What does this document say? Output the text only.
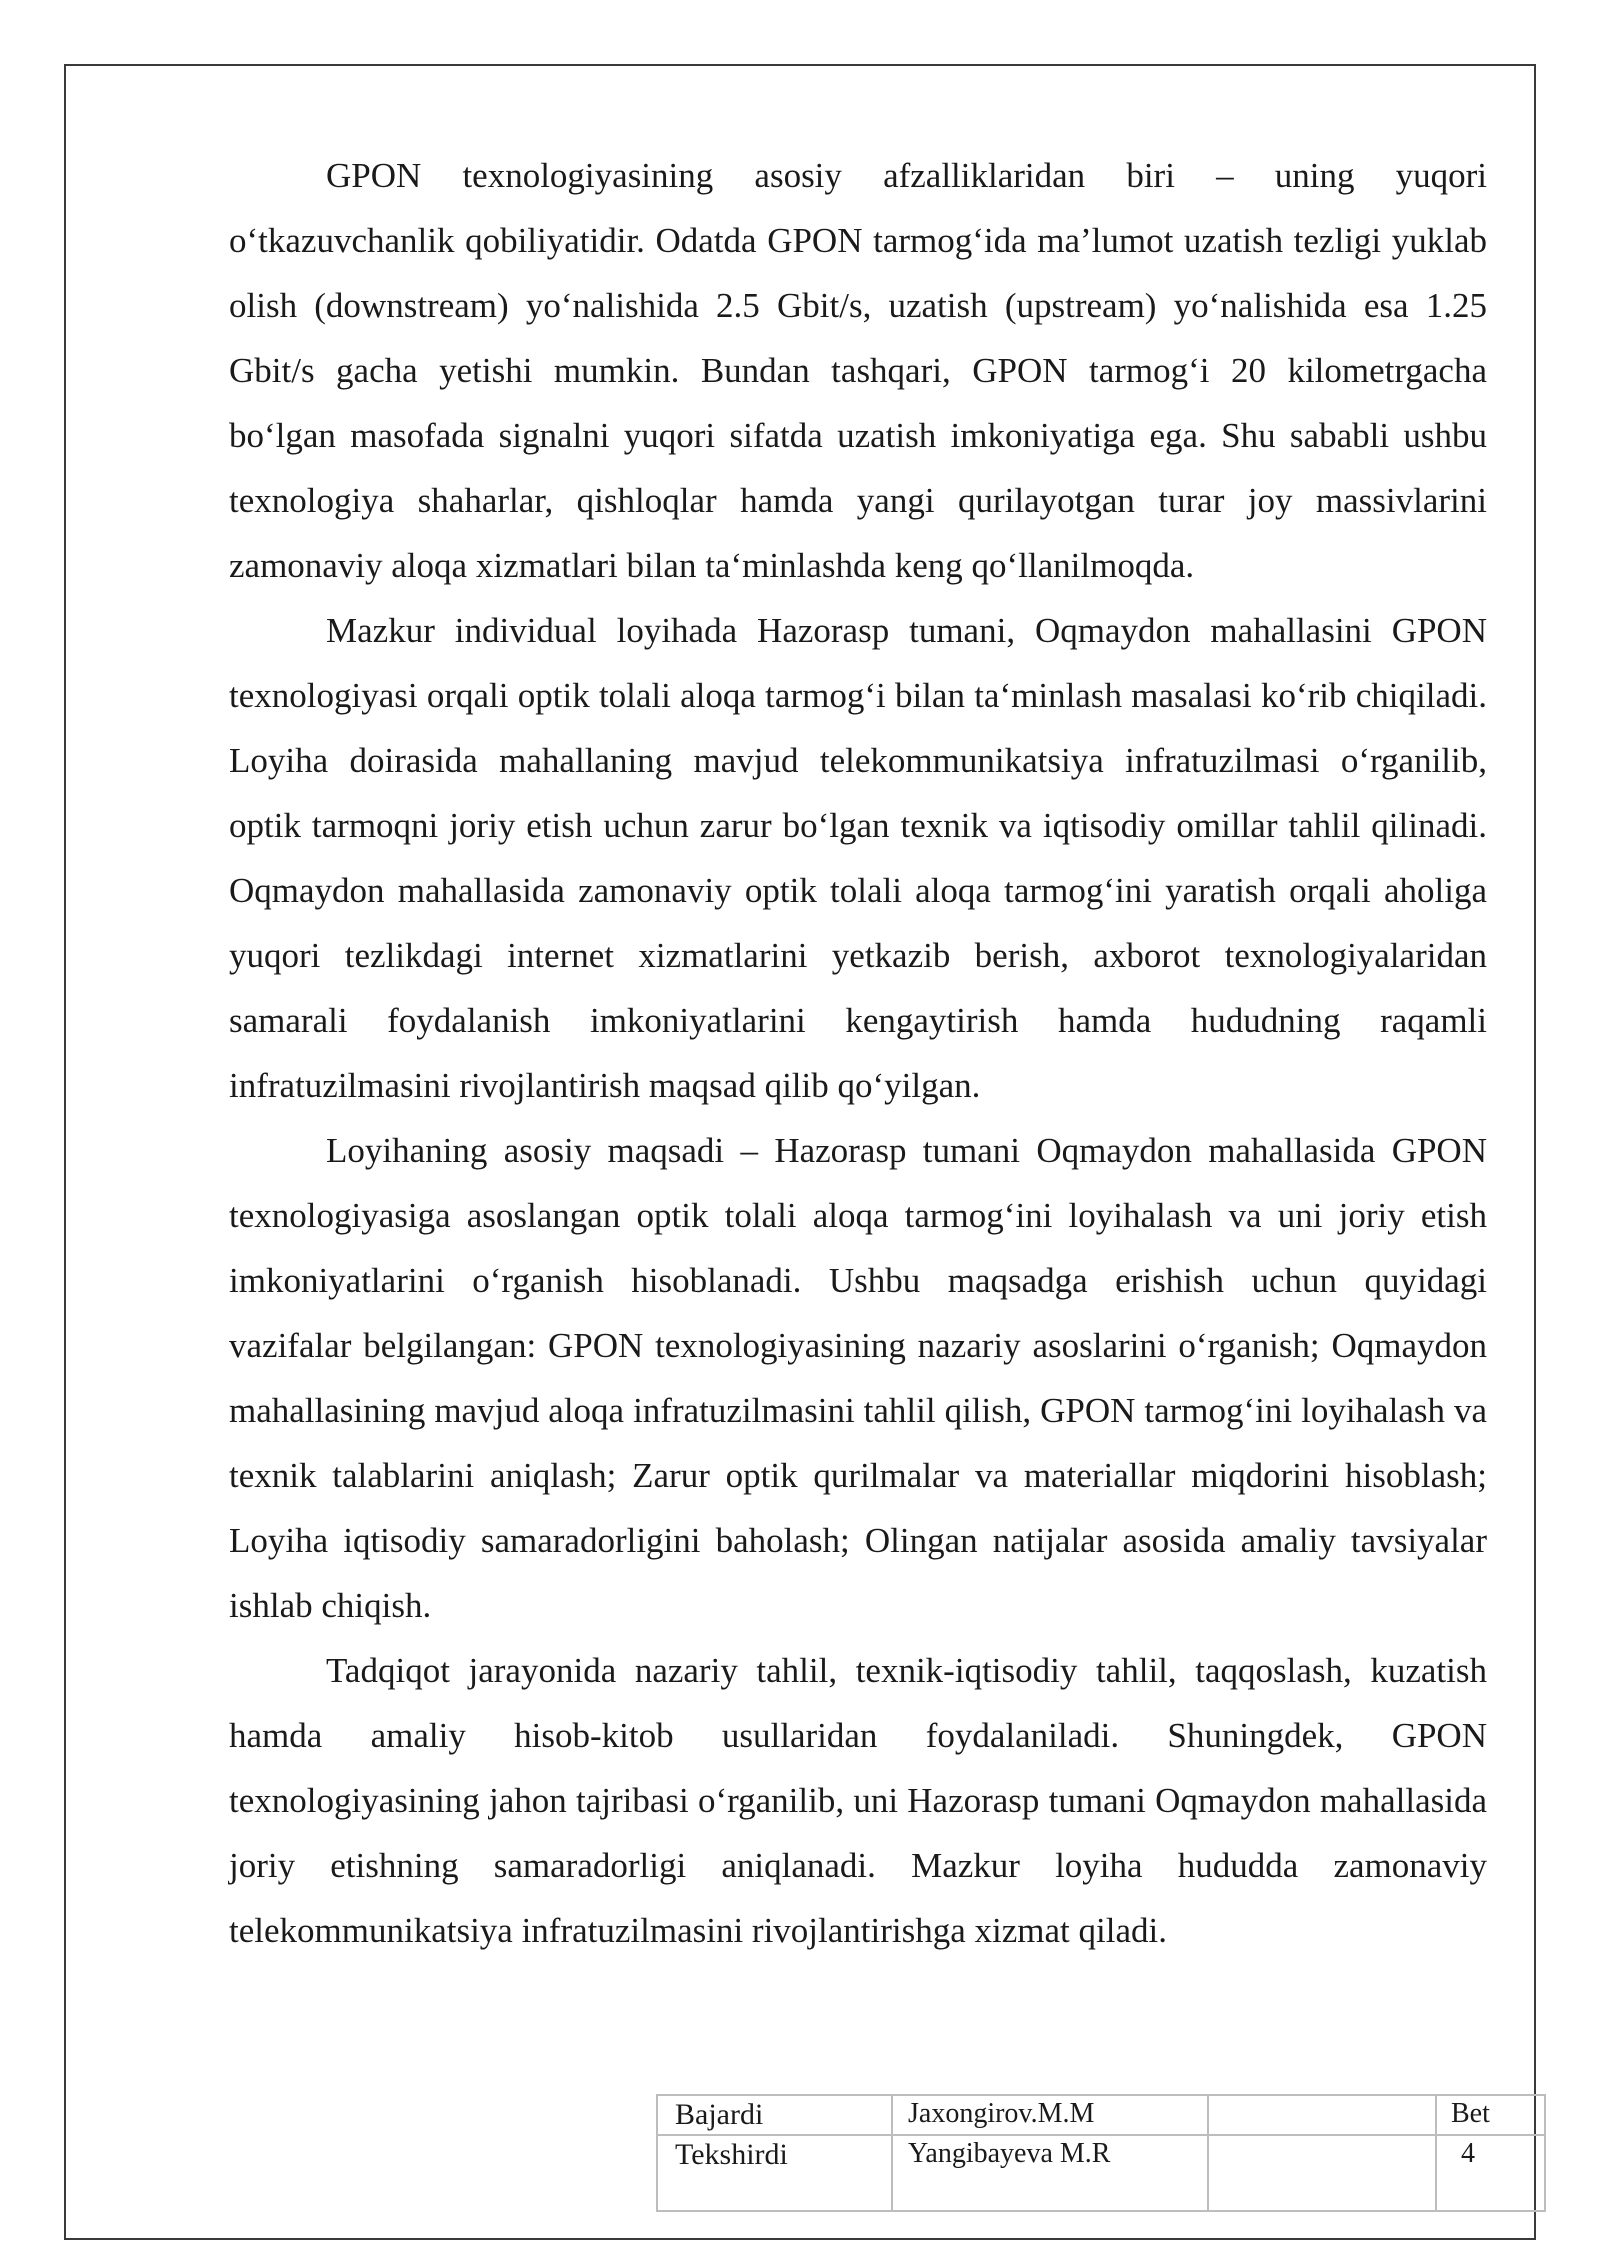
GPON texnologiyasining asosiy afzalliklaridan biri – uning yuqori o‘tkazuvchanlik qobiliyatidir. Odatda GPON tarmog‘ida ma’lumot uzatish tezligi yuklab olish (downstream) yo‘nalishida 2.5 Gbit/s, uzatish (upstream) yo‘nalishida esa 1.25 Gbit/s gacha yetishi mumkin. Bundan tashqari, GPON tarmog‘i 20 kilometrgacha bo‘lgan masofada signalni yuqori sifatda uzatish imkoniyatiga ega. Shu sababli ushbu texnologiya shaharlar, qishloqlar hamda yangi qurilayotgan turar joy massivlarini zamonaviy aloqa xizmatlari bilan ta‘minlashda keng qo‘llanilmoqda.

Mazkur individual loyihada Hazorasp tumani, Oqmaydon mahallasini GPON texnologiyasi orqali optik tolali aloqa tarmog‘i bilan ta‘minlash masalasi ko‘rib chiqiladi. Loyiha doirasida mahallaning mavjud telekommunikatsiya infratuzilmasi o‘rganilib, optik tarmoqni joriy etish uchun zarur bo‘lgan texnik va iqtisodiy omillar tahlil qilinadi. Oqmaydon mahallasida zamonaviy optik tolali aloqa tarmog‘ini yaratish orqali aholiga yuqori tezlikdagi internet xizmatlarini yetkazib berish, axborot texnologiyalaridan samarali foydalanish imkoniyatlarini kengaytirish hamda hududning raqamli infratuzilmasini rivojlantirish maqsad qilib qo‘yilgan.

Loyihaning asosiy maqsadi – Hazorasp tumani Oqmaydon mahallasida GPON texnologiyasiga asoslangan optik tolali aloqa tarmog‘ini loyihalash va uni joriy etish imkoniyatlarini o‘rganish hisoblanadi. Ushbu maqsadga erishish uchun quyidagi vazifalar belgilangan: GPON texnologiyasining nazariy asoslarini o‘rganish; Oqmaydon mahallasining mavjud aloqa infratuzilmasini tahlil qilish, GPON tarmog‘ini loyihalash va texnik talablarini aniqlash; Zarur optik qurilmalar va materiallar miqdorini hisoblash; Loyiha iqtisodiy samaradorligini baholash; Olingan natijalar asosida amaliy tavsiyalar ishlab chiqish.

Tadqiqot jarayonida nazariy tahlil, texnik-iqtisodiy tahlil, taqqoslash, kuzatish hamda amaliy hisob-kitob usullaridan foydalaniladi. Shuningdek, GPON texnologiyasining jahon tajribasi o‘rganilib, uni Hazorasp tumani Oqmaydon mahallasida joriy etishning samaradorligi aniqlanadi. Mazkur loyiha hududda zamonaviy telekommunikatsiya infratuzilmasini rivojlantirishga xizmat qiladi.

Bajardi	Jaxongirov.M.M		Bet

Tekshirdi	Yangibayeva M.R		4
